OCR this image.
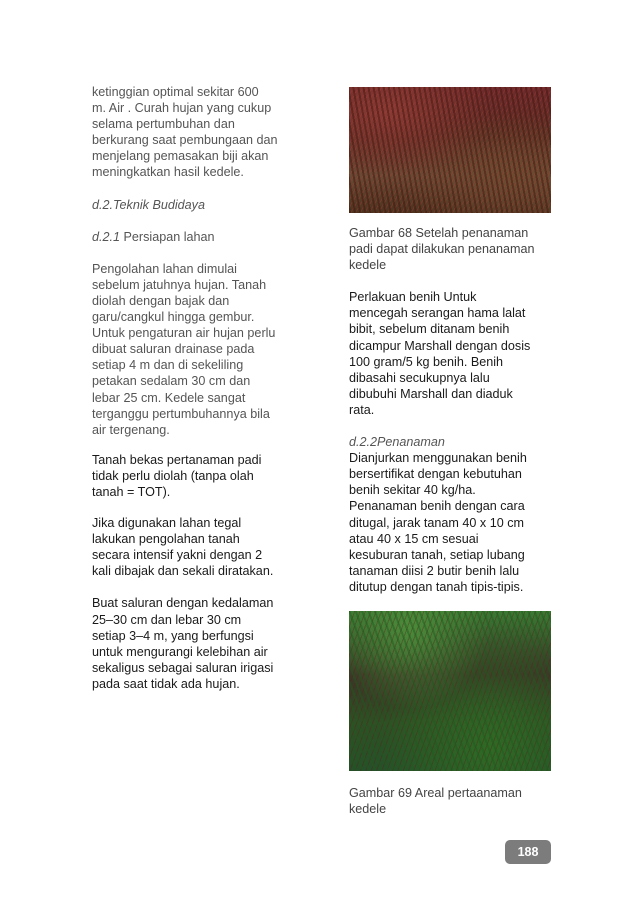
ketinggian optimal sekitar 600

m. Air . Curah hujan yang cukup

selama pertumbuhan dan

berkurang saat pembungaan dan

menjelang pemasakan biji akan

meningkatkan hasil kedele.

d.2.Teknik Budidaya

d.2.1 Persiapan lahan

Pengolahan lahan dimulai

sebelum jatuhnya hujan. Tanah

diolah dengan bajak dan

garu/cangkul hingga gembur.

Untuk pengaturan air hujan perlu

dibuat saluran drainase pada

setiap 4 m dan di sekeliling

petakan sedalam 30 cm dan

lebar 25 cm. Kedele sangat

terganggu pertumbuhannya bila

air tergenang.

Tanah bekas pertanaman padi

tidak perlu diolah (tanpa olah

tanah = TOT).

Jika digunakan lahan tegal

lakukan pengolahan tanah

secara intensif yakni dengan 2

kali dibajak dan sekali diratakan.

Buat saluran dengan kedalaman

25–30 cm dan lebar 30 cm

setiap 3–4 m, yang berfungsi

untuk mengurangi kelebihan air

sekaligus sebagai saluran irigasi

pada saat tidak ada hujan.

Gambar 68 Setelah penanaman

padi dapat dilakukan penanaman

kedele

Perlakuan benih Untuk

mencegah serangan hama lalat

bibit, sebelum ditanam benih

dicampur Marshall dengan dosis

100 gram/5 kg benih. Benih

dibasahi secukupnya lalu

dibubuhi Marshall dan diaduk

rata.

d.2.2Penanaman

Dianjurkan menggunakan benih

bersertifikat dengan kebutuhan

benih sekitar 40 kg/ha.

Penanaman benih dengan cara

ditugal, jarak tanam 40 x 10 cm

atau 40 x 15 cm sesuai

kesuburan tanah, setiap lubang

tanaman diisi 2 butir benih lalu

ditutup dengan tanah tipis-tipis.

Gambar 69 Areal pertaanaman

kedele

188
